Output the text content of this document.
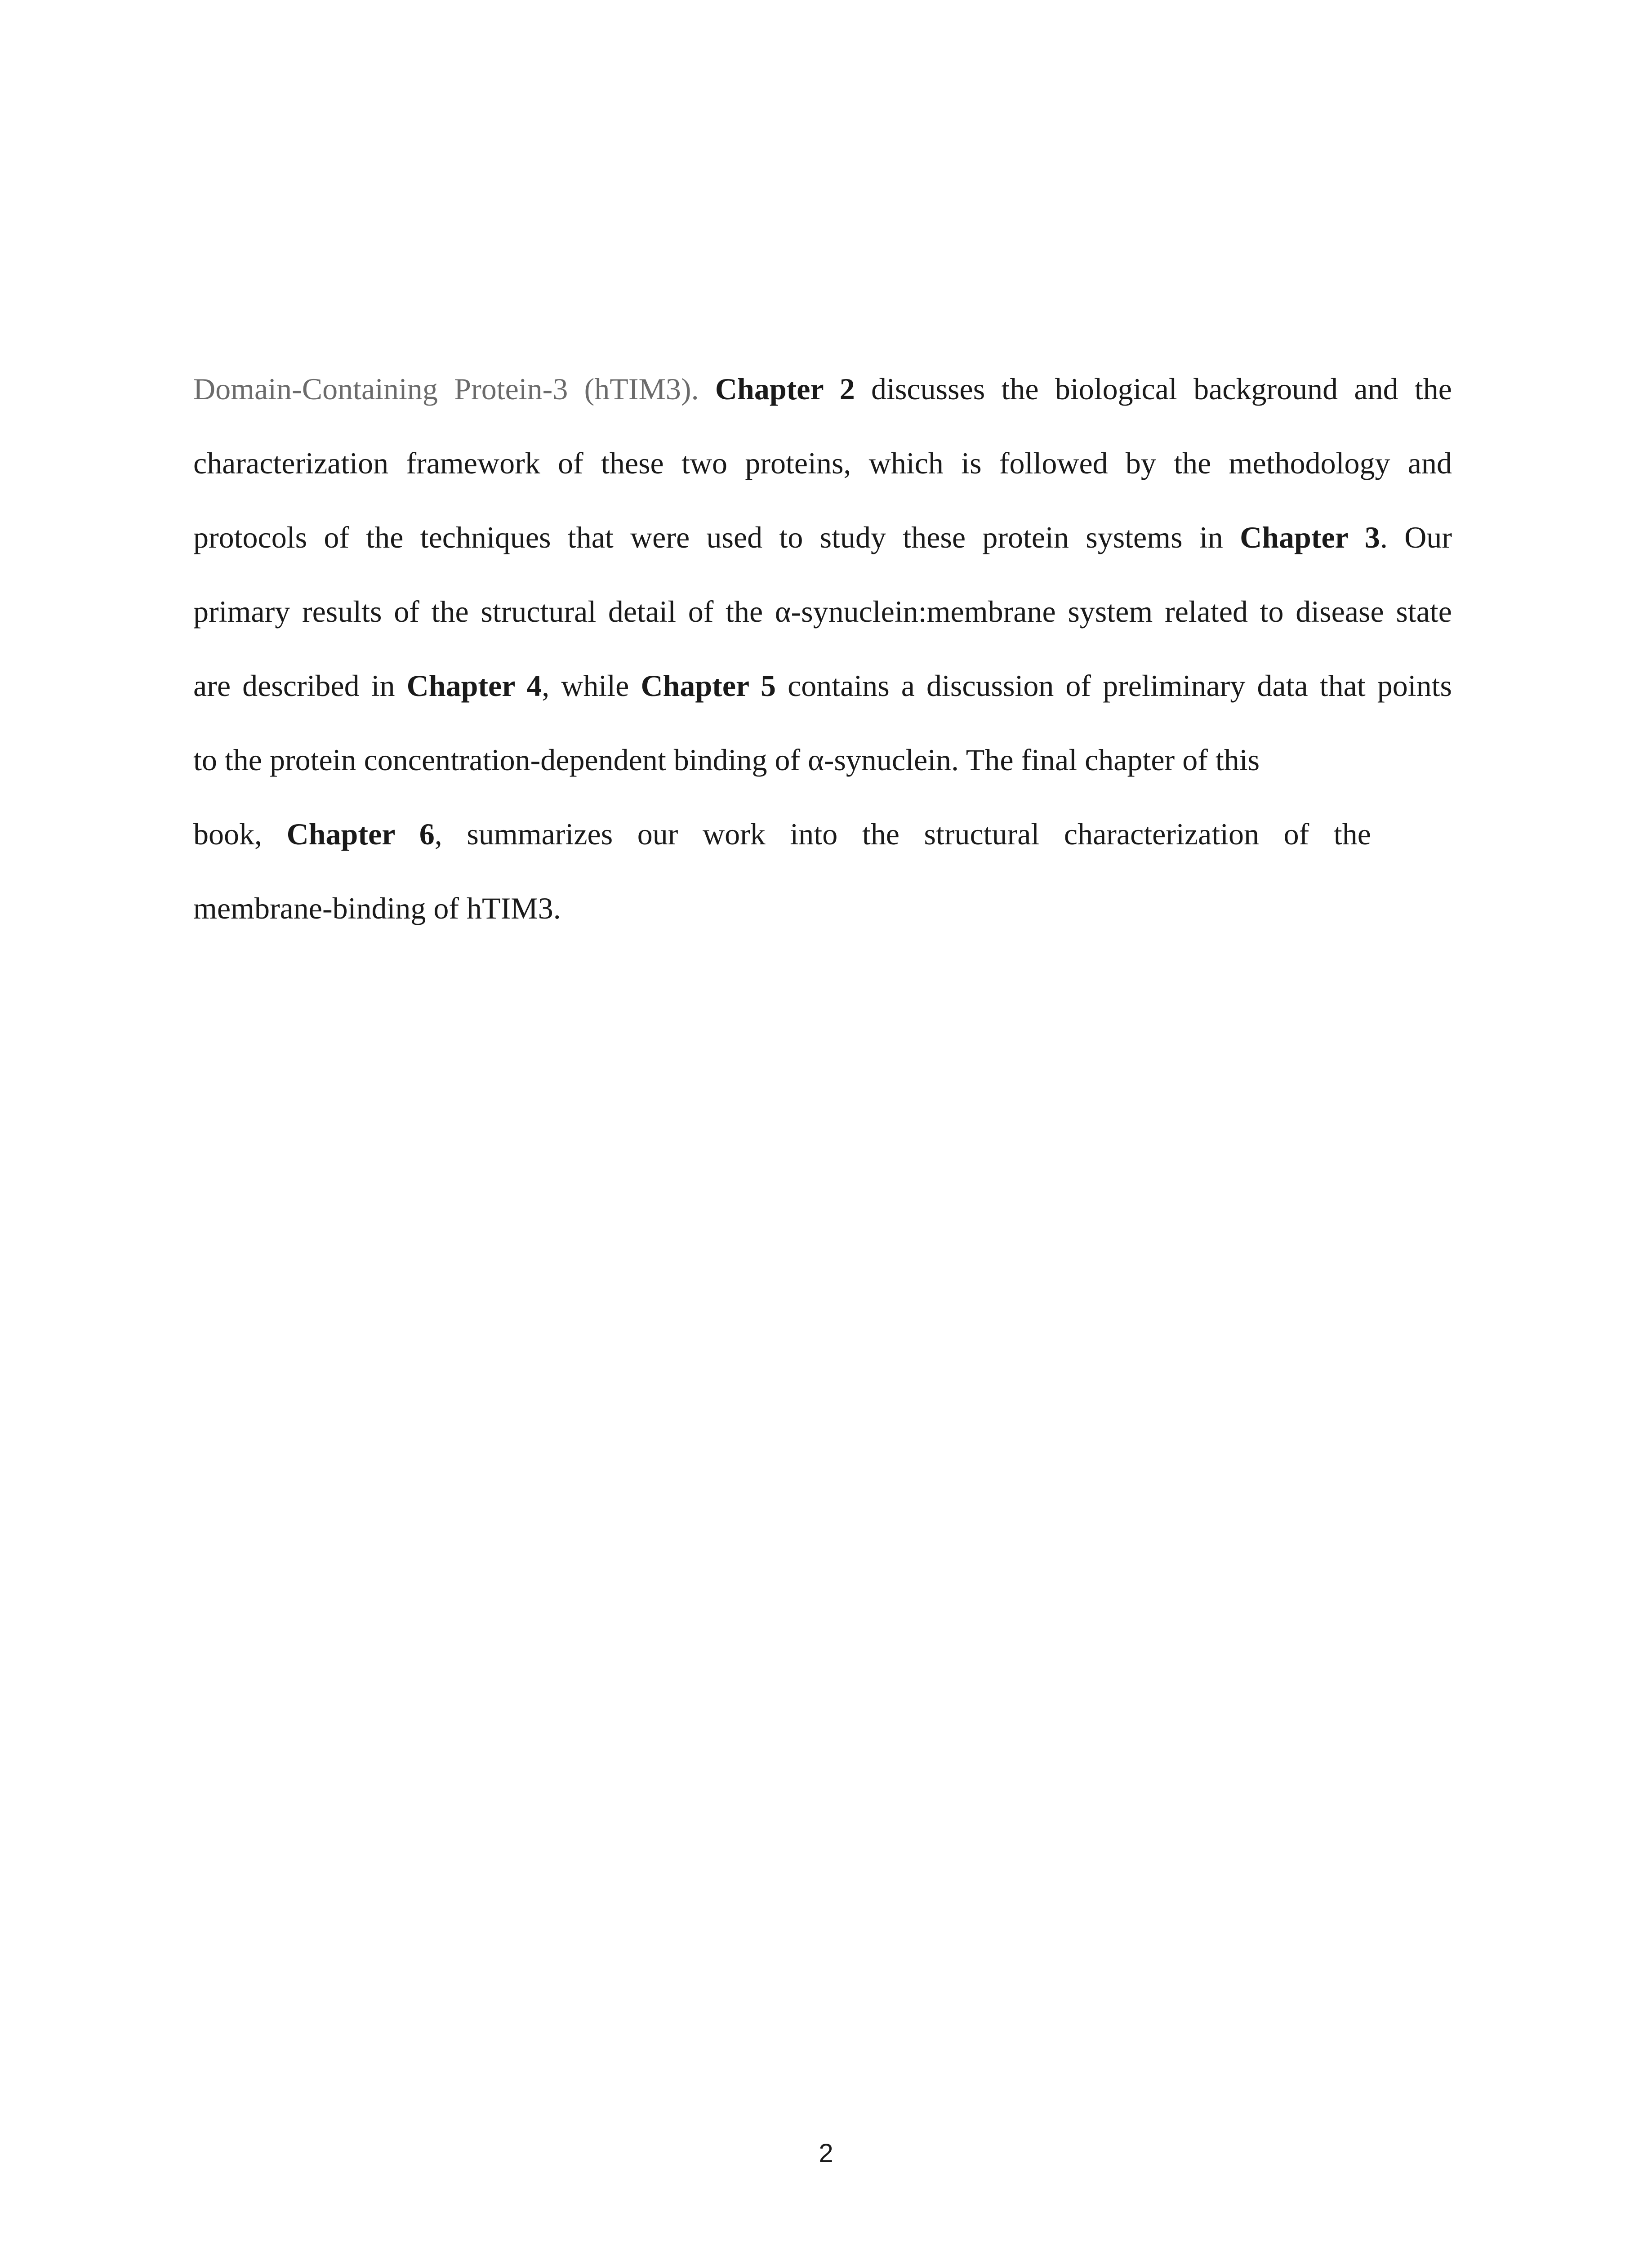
Domain-Containing Protein-3 (hTIM3). Chapter 2 discusses the biological background and the
characterization framework of these two proteins, which is followed by the methodology and
protocols of the techniques that were used to study these protein systems in Chapter 3. Our
primary results of the structural detail of the α-synuclein:membrane system related to disease state
are described in Chapter 4, while Chapter 5 contains a discussion of preliminary data that points
to the protein concentration-dependent binding of α-synuclein. The final chapter of this
book, Chapter 6, summarizes our work into the structural characterization of the
membrane-binding of hTIM3.
2
